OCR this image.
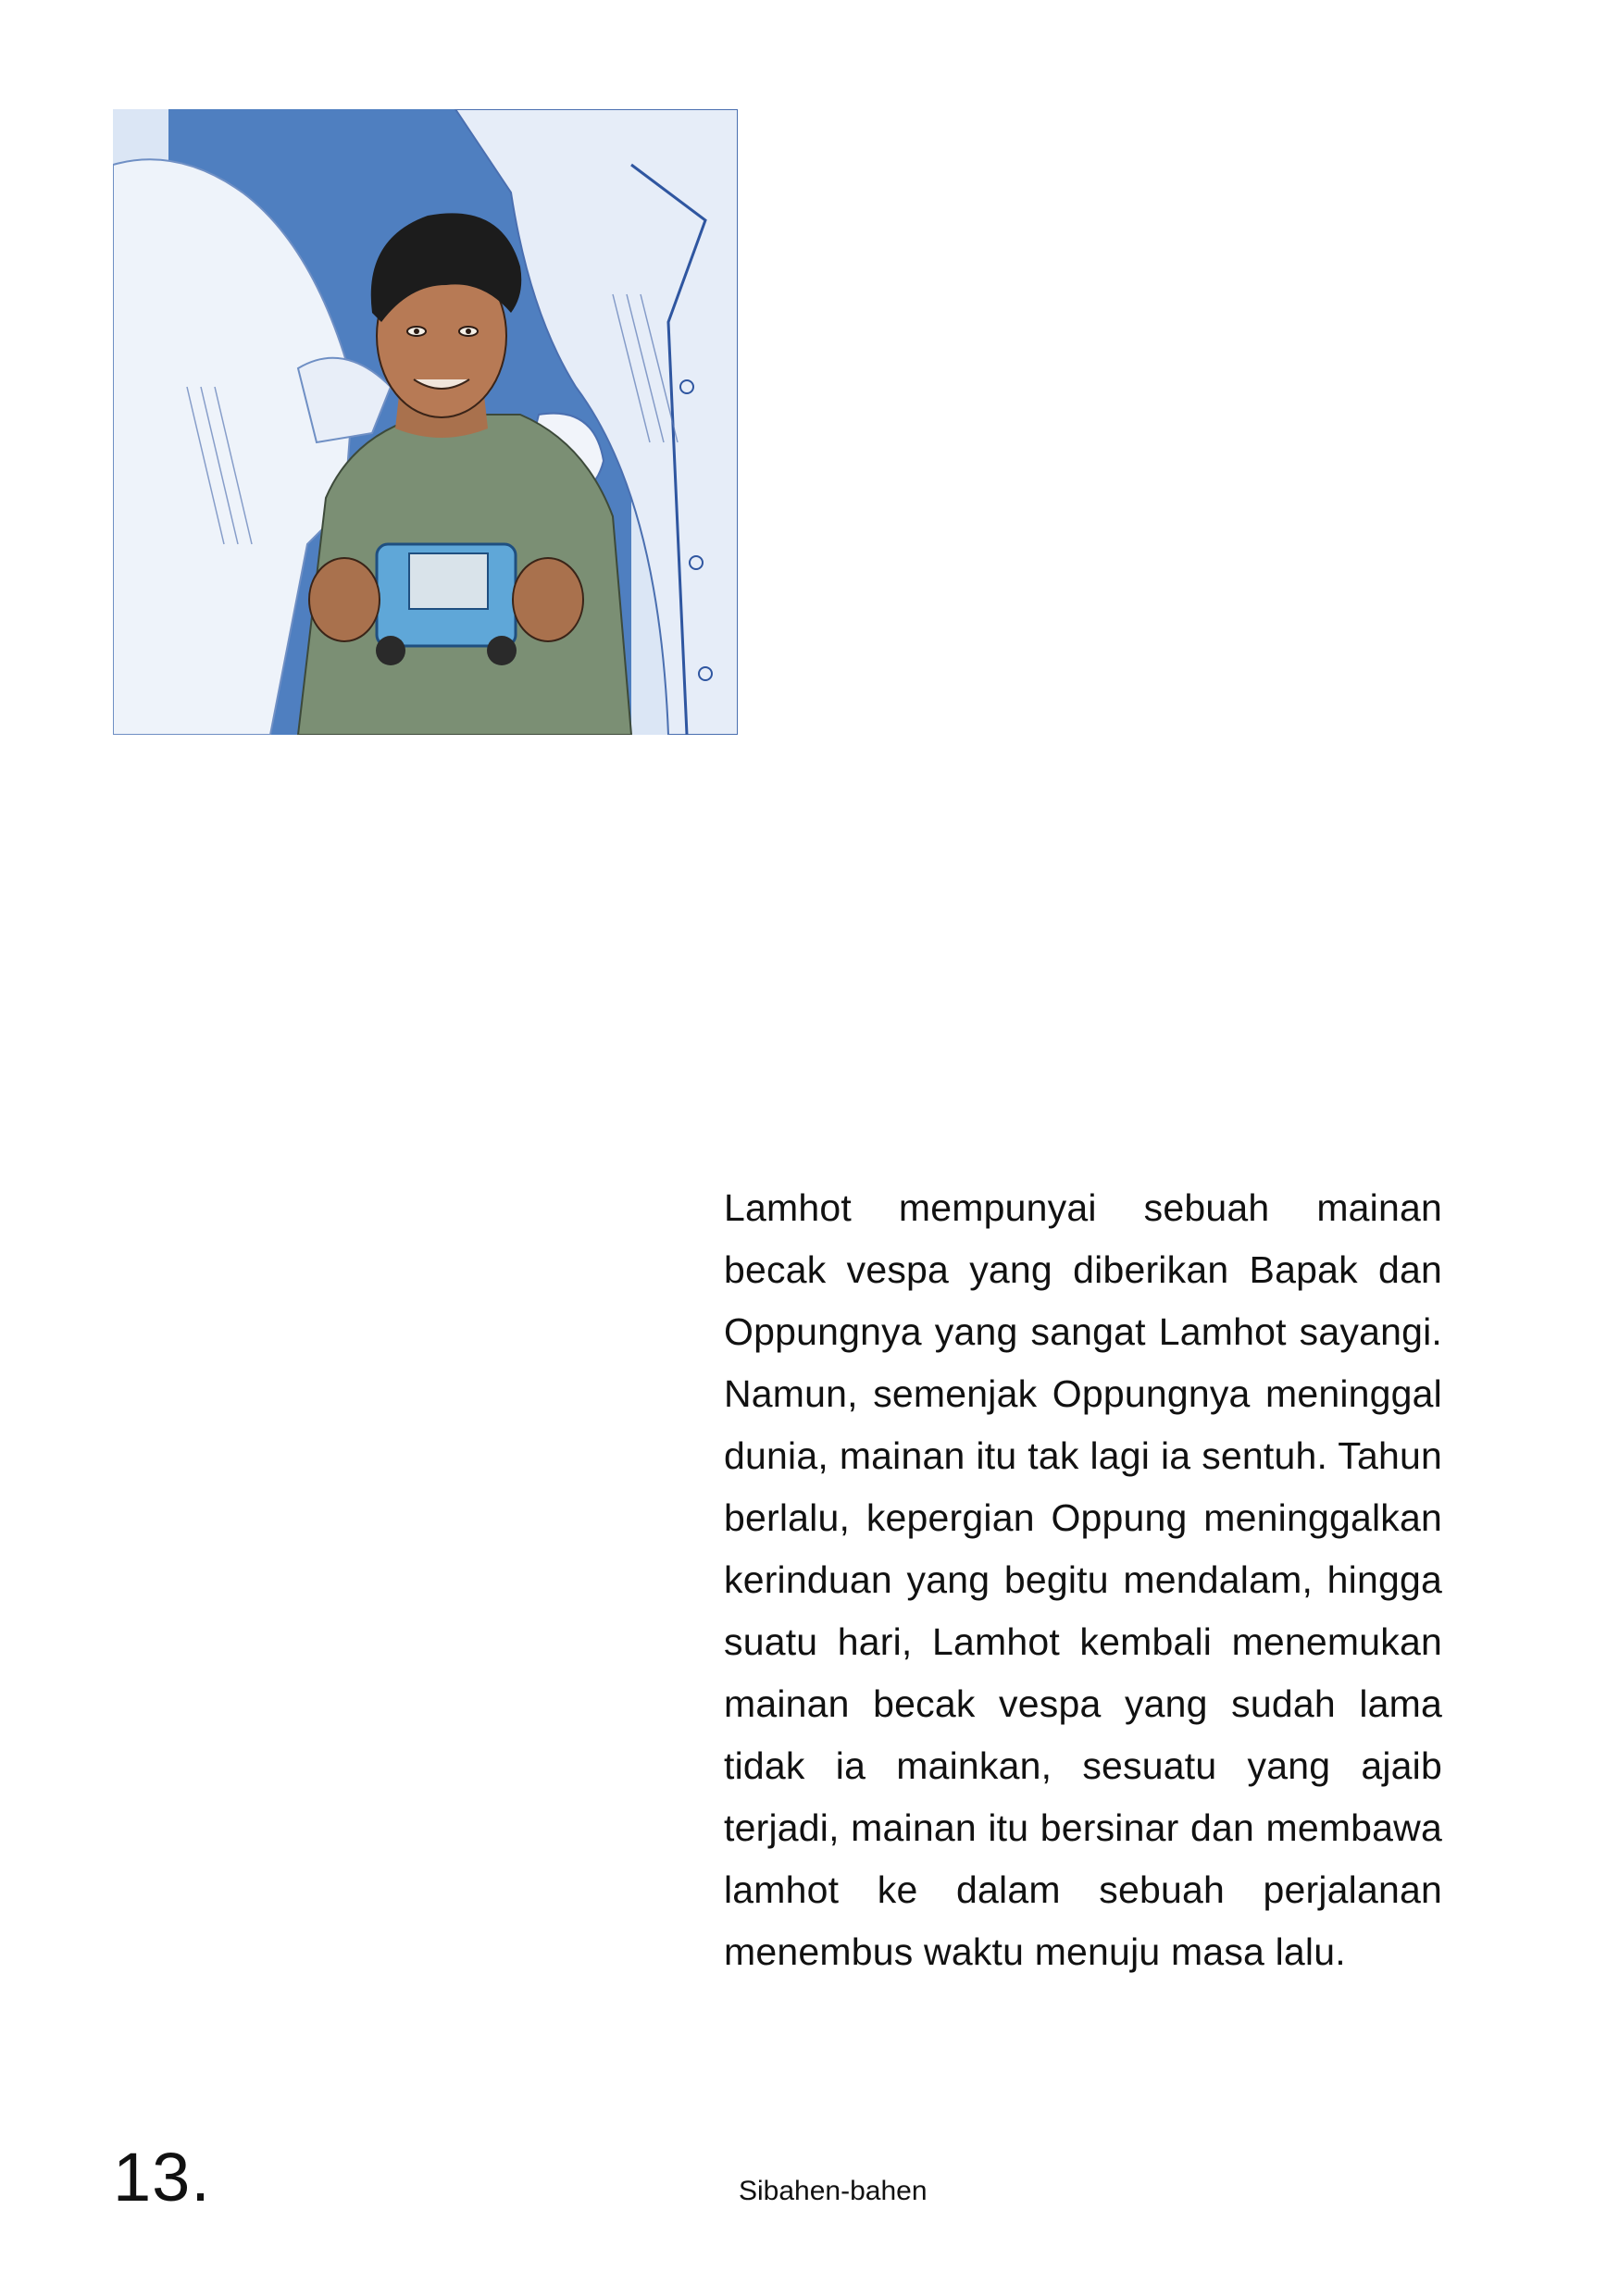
Lamhot mempunyai sebuah mainan becak vespa yang diberikan Bapak dan Oppungnya yang sangat Lamhot sayangi. Namun, semenjak Oppungnya meninggal dunia, mainan itu tak lagi ia sentuh. Tahun berlalu, kepergian Oppung meninggalkan kerinduan yang begitu mendalam, hingga suatu hari, Lamhot kembali menemukan mainan becak vespa yang sudah lama tidak ia mainkan, sesuatu yang ajaib terjadi, mainan itu bersinar dan membawa lamhot ke dalam sebuah perjalanan menembus waktu menuju masa lalu.

13.	Sibahen-bahen
